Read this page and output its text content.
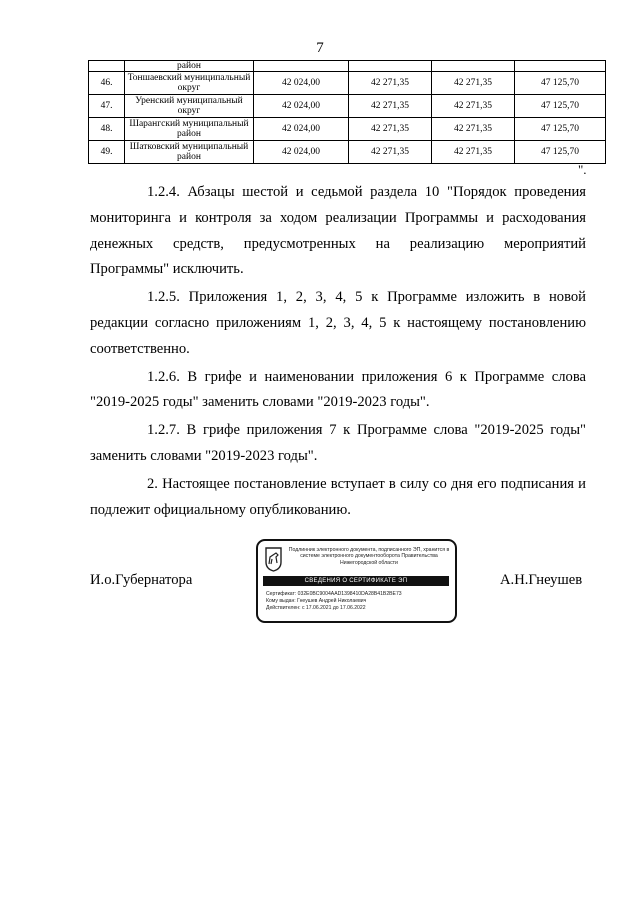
7
	район				
46.	Тоншаевский муниципальный округ	42 024,00	42 271,35	42 271,35	47 125,70
47.	Уренский муниципальный округ	42 024,00	42 271,35	42 271,35	47 125,70
48.	Шарангский муниципальный район	42 024,00	42 271,35	42 271,35	47 125,70
49.	Шатковский муниципальный район	42 024,00	42 271,35	42 271,35	47 125,70
".

1.2.4. Абзацы шестой и седьмой раздела 10 "Порядок проведения мониторинга и контроля за ходом реализации Программы и расходования денежных средств, предусмотренных на реализацию мероприятий Программы" исключить.

1.2.5. Приложения 1, 2, 3, 4, 5 к Программе изложить в новой редакции согласно приложениям 1, 2, 3, 4, 5 к настоящему постановлению соответственно.

1.2.6. В грифе и наименовании приложения 6 к Программе слова "2019-2025 годы" заменить словами "2019-2023 годы".

1.2.7. В грифе приложения 7 к Программе слова "2019-2025 годы" заменить словами "2019-2023 годы".

2. Настоящее постановление вступает в силу со дня его подписания и подлежит официальному опубликованию.

И.о.Губернатора	А.Н.Гнеушев
Подлинник электронного документа, подписанного ЭП, хранится в системе электронного документооборота Правительства Нижегородской области
СВЕДЕНИЯ О СЕРТИФИКАТЕ ЭП
Сертификат: 032E0BC9004AAD1398410DA28B41B2BE73
Кому выдан: Гнеушев Андрей Николаевич
Действителен: с 17.06.2021 до 17.06.2022
